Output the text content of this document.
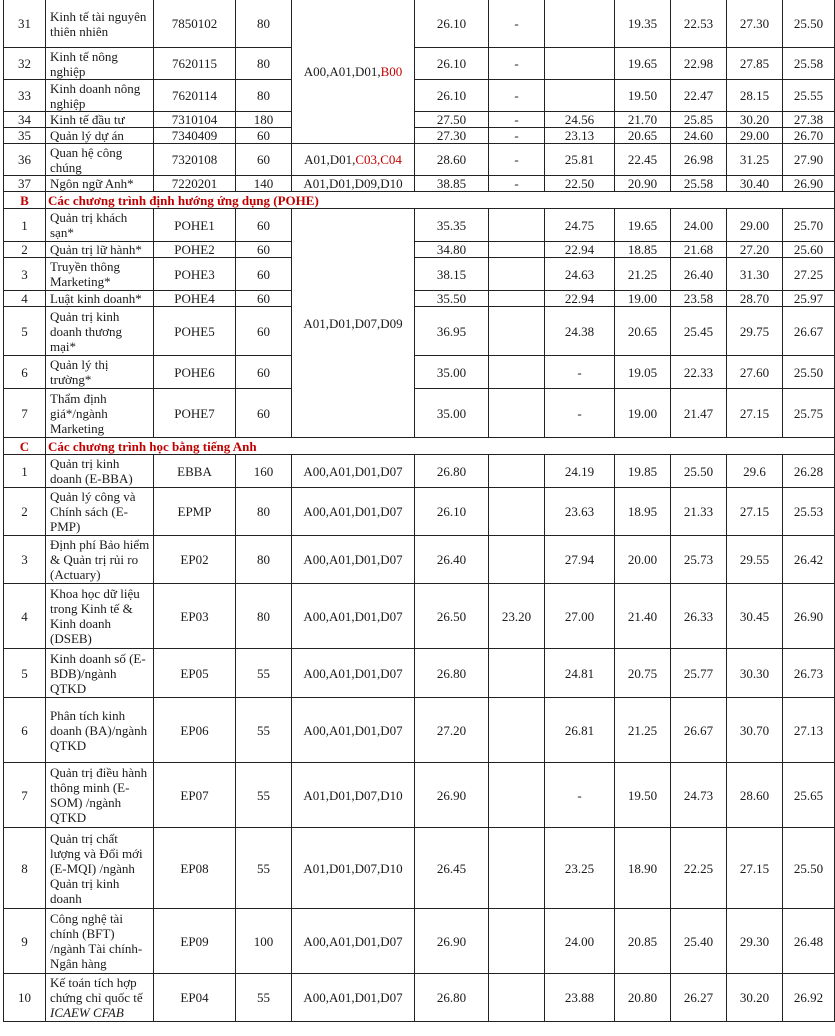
31	Kinh tế tài nguyên thiên nhiên	7850102	80	A00,A01,D01,B00	26.10	-		19.35	22.53	27.30	25.50
32	Kinh tế nông nghiệp	7620115	80		26.10	-		19.65	22.98	27.85	25.58
33	Kinh doanh nông nghiệp	7620114	80		26.10	-		19.50	22.47	28.15	25.55
34	Kinh tế đầu tư	7310104	180		27.50	-	24.56	21.70	25.85	30.20	27.38
35	Quản lý dự án	7340409	60		27.30	-	23.13	20.65	24.60	29.00	26.70
36	Quan hệ công chúng	7320108	60	A01,D01,C03,C04	28.60	-	25.81	22.45	26.98	31.25	27.90
37	Ngôn ngữ Anh*	7220201	140	A01,D01,D09,D10	38.85	-	22.50	20.90	25.58	30.40	26.90
B	Các chương trình định hướng ứng dụng (POHE)										
1	Quản trị khách sạn*	POHE1	60	A01,D01,D07,D09	35.35		24.75	19.65	24.00	29.00	25.70
2	Quản trị lữ hành*	POHE2	60		34.80		22.94	18.85	21.68	27.20	25.60
3	Truyền thông Marketing*	POHE3	60		38.15		24.63	21.25	26.40	31.30	27.25
4	Luật kinh doanh*	POHE4	60		35.50		22.94	19.00	23.58	28.70	25.97
5	Quản trị kinh doanh thương mại*	POHE5	60		36.95		24.38	20.65	25.45	29.75	26.67
6	Quản lý thị trường*	POHE6	60		35.00		-	19.05	22.33	27.60	25.50
7	Thẩm định giá*/ngành Marketing	POHE7	60		35.00		-	19.00	21.47	27.15	25.75
C	Các chương trình học bằng tiếng Anh										
1	Quản trị kinh doanh (E-BBA)	EBBA	160	A00,A01,D01,D07	26.80		24.19	19.85	25.50	29.6	26.28
2	Quản lý công và Chính sách (E-PMP)	EPMP	80	A00,A01,D01,D07	26.10		23.63	18.95	21.33	27.15	25.53
3	Định phí Bảo hiểm & Quản trị rủi ro (Actuary)	EP02	80	A00,A01,D01,D07	26.40		27.94	20.00	25.73	29.55	26.42
4	Khoa học dữ liệu trong Kinh tế & Kinh doanh (DSEB)	EP03	80	A00,A01,D01,D07	26.50	23.20	27.00	21.40	26.33	30.45	26.90
5	Kinh doanh số (E-BDB)/ngành QTKD	EP05	55	A00,A01,D01,D07	26.80		24.81	20.75	25.77	30.30	26.73
6	Phân tích kinh doanh (BA)/ngành QTKD	EP06	55	A00,A01,D01,D07	27.20		26.81	21.25	26.67	30.70	27.13
7	Quản trị điều hành thông minh (E-SOM) /ngành QTKD	EP07	55	A01,D01,D07,D10	26.90		-	19.50	24.73	28.60	25.65
8	Quản trị chất lượng và Đổi mới (E-MQI) /ngành Quản trị kinh doanh	EP08	55	A01,D01,D07,D10	26.45		23.25	18.90	22.25	27.15	25.50
9	Công nghệ tài chính (BFT) /ngành Tài chính-Ngân hàng	EP09	100	A00,A01,D01,D07	26.90		24.00	20.85	25.40	29.30	26.48
10	Kế toán tích hợp chứng chỉ quốc tế ICAEW CFAB	EP04	55	A00,A01,D01,D07	26.80		23.88	20.80	26.27	30.20	26.92
